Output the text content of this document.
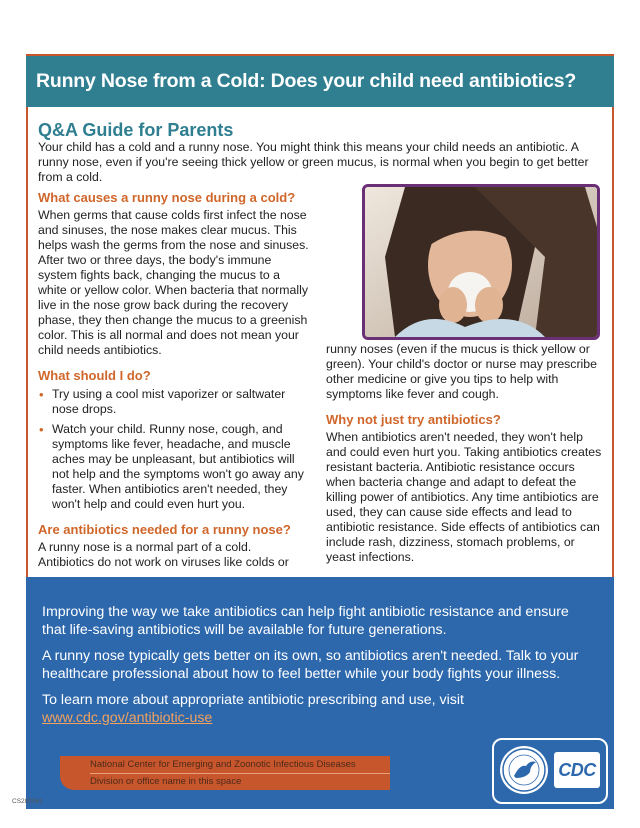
Runny Nose from a Cold: Does your child need antibiotics?
Q&A Guide for Parents

Your child has a cold and a runny nose. You might think this means your child needs an antibiotic. A runny nose, even if you're seeing thick yellow or green mucus, is normal when you begin to get better from a cold.

What causes a runny nose during a cold?

When germs that cause colds first infect the nose and sinuses, the nose makes clear mucus. This helps wash the germs from the nose and sinuses. After two or three days, the body's immune system fights back, changing the mucus to a white or yellow color. When bacteria that normally live in the nose grow back during the recovery phase, they then change the mucus to a greenish color. This is all normal and does not mean your child needs antibiotics.

What should I do?
• Try using a cool mist vaporizer or saltwater nose drops.
• Watch your child. Runny nose, cough, and symptoms like fever, headache, and muscle aches may be unpleasant, but antibiotics will not help and the symptoms won't go away any faster. When antibiotics aren't needed, they won't help and could even hurt you.
Are antibiotics needed for a runny nose?

A runny nose is a normal part of a cold. Antibiotics do not work on viruses like colds or

runny noses (even if the mucus is thick yellow or green). Your child's doctor or nurse may prescribe other medicine or give you tips to help with symptoms like fever and cough.

Why not just try antibiotics?

When antibiotics aren't needed, they won't help and could even hurt you. Taking antibiotics creates resistant bacteria. Antibiotic resistance occurs when bacteria change and adapt to defeat the killing power of antibiotics. Any time antibiotics are used, they can cause side effects and lead to antibiotic resistance. Side effects of antibiotics can include rash, dizziness, stomach problems, or yeast infections.

Improving the way we take antibiotics can help fight antibiotic resistance and ensure that life-saving antibiotics will be available for future generations.

A runny nose typically gets better on its own, so antibiotics aren't needed. Talk to your healthcare professional about how to feel better while your body fights your illness.

To learn more about appropriate antibiotic prescribing and use, visit
www.cdc.gov/antibiotic-use

National Center for Emerging and Zoonotic Infectious Diseases
Division or office name in this space
CDC
CS280061
